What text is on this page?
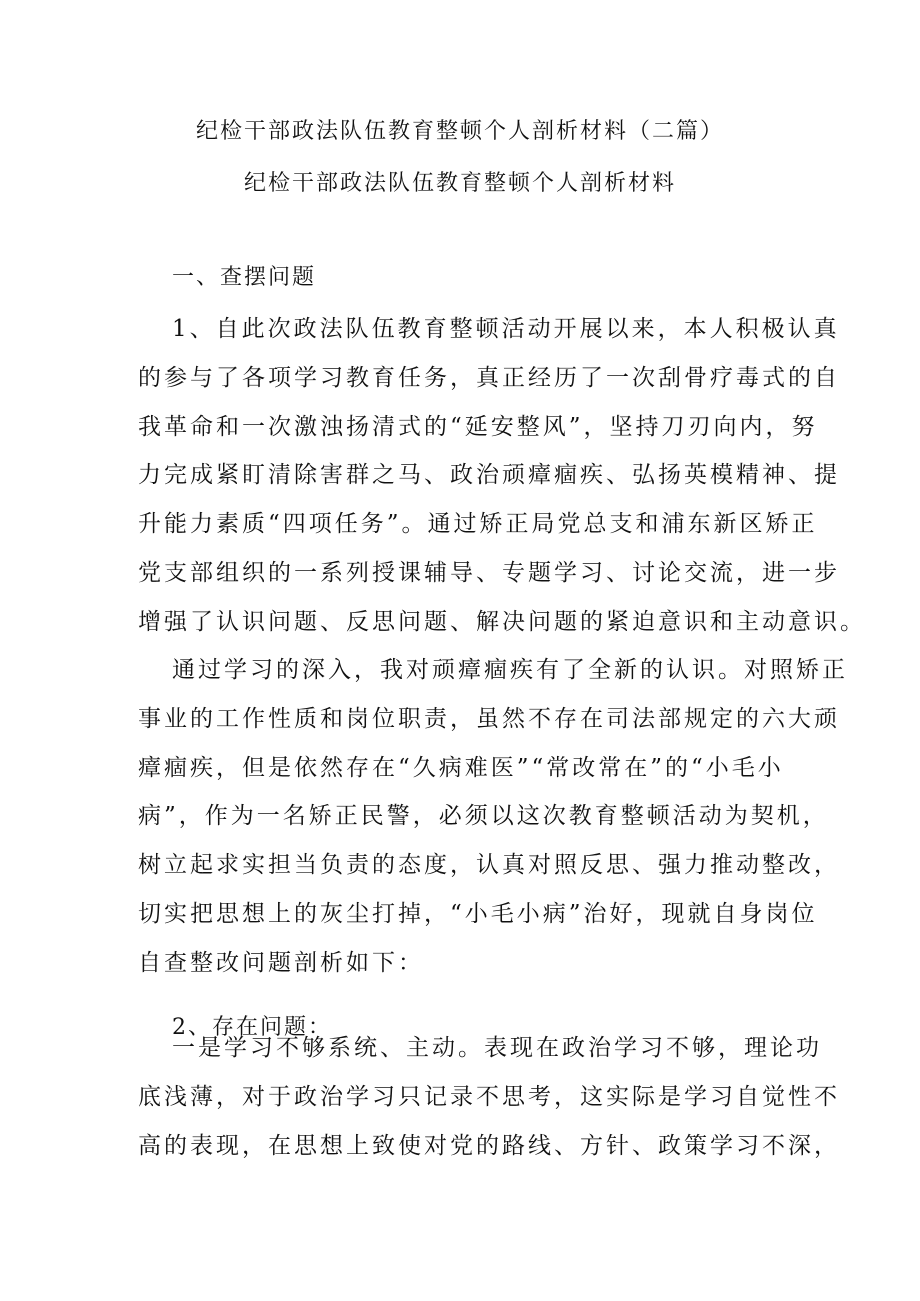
纪检干部政法队伍教育整顿个人剖析材料（二篇）
纪检干部政法队伍教育整顿个人剖析材料
一、查摆问题
1、自此次政法队伍教育整顿活动开展以来，本人积极认真
的参与了各项学习教育任务，真正经历了一次刮骨疗毒式的自
我革命和一次激浊扬清式的“延安整风”，坚持刀刃向内，努
力完成紧盯清除害群之马、政治顽瘴痼疾、弘扬英模精神、提
升能力素质“四项任务”。通过矫正局党总支和浦东新区矫正
党支部组织的一系列授课辅导、专题学习、讨论交流，进一步
增强了认识问题、反思问题、解决问题的紧迫意识和主动意识。
通过学习的深入，我对顽瘴痼疾有了全新的认识。对照矫正
事业的工作性质和岗位职责，虽然不存在司法部规定的六大顽
瘴痼疾，但是依然存在“久病难医”“常改常在”的“小毛小
病”，作为一名矫正民警，必须以这次教育整顿活动为契机，
树立起求实担当负责的态度，认真对照反思、强力推动整改，
切实把思想上的灰尘打掉，“小毛小病”治好，现就自身岗位
自查整改问题剖析如下：
2、存在问题：
一是学习不够系统、主动。表现在政治学习不够，理论功
底浅薄，对于政治学习只记录不思考，这实际是学习自觉性不
高的表现，在思想上致使对党的路线、方针、政策学习不深，
